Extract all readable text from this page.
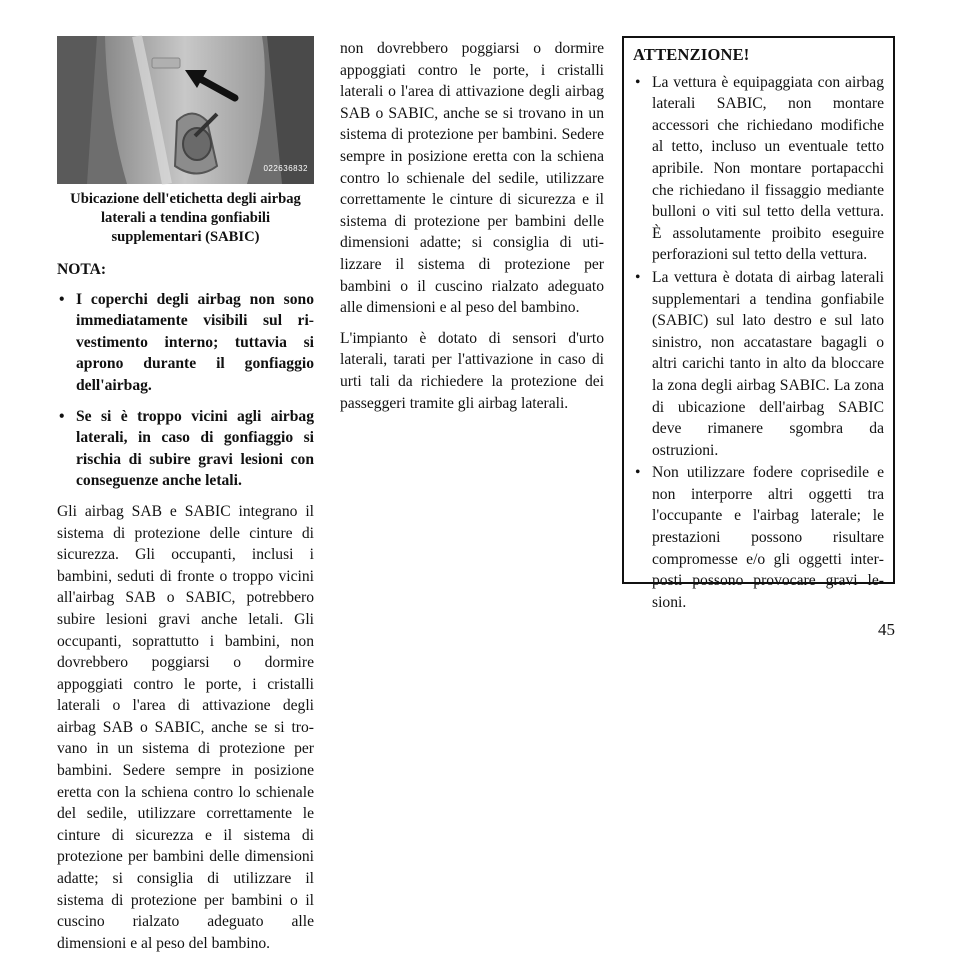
022636832
Ubicazione dell'etichetta degli airbag
laterali a tendina gonfiabili
supplementari (SABIC)
NOTA:
• I coperchi degli airbag non sono immediatamente visibili sul rivestimento interno; tuttavia si aprono durante il gonfiaggio dell'airbag.
• Se si è troppo vicini agli airbag laterali, in caso di gonfiaggio si rischia di subire gravi lesioni con conseguenze anche letali.

Gli airbag SAB e SABIC integrano il sistema di protezione delle cinture di sicurezza. Gli occupanti, inclusi i bambini, seduti di fronte o troppo vicini all'airbag SAB o SABIC, potrebbero subire lesioni gravi anche letali. Gli occupanti, soprattutto i bambini, non dovrebbero poggiarsi o dormire appoggiati contro le porte, i cristalli laterali o l'area di attivazione degli airbag SAB o SABIC, anche se si trovano in un sistema di protezione per bambini. Sedere sempre in posizione eretta con la schiena contro lo schienale del sedile, utilizzare correttamente le cinture di sicurezza e il sistema di protezione per bambini delle dimensioni adatte; si consiglia di utilizzare il sistema di protezione per bambini o il cuscino rialzato adeguato alle dimensioni e al peso del bambino.

non dovrebbero poggiarsi o dormire appoggiati contro le porte, i cristalli laterali o l'area di attivazione degli airbag SAB o SABIC, anche se si trovano in un sistema di protezione per bambini. Sedere sempre in posizione eretta con la schiena contro lo schienale del sedile, utilizzare correttamente le cinture di sicurezza e il sistema di protezione per bambini delle dimensioni adatte; si consiglia di utilizzare il sistema di protezione per bambini o il cuscino rialzato adeguato alle dimensioni e al peso del bambino.

L'impianto è dotato di sensori d'urto laterali, tarati per l'attivazione in caso di urti tali da richiedere la protezione dei passeggeri tramite gli airbag laterali.

ATTENZIONE!
• La vettura è equipaggiata con airbag laterali SABIC, non montare accessori che richiedano modifiche al tetto, incluso un eventuale tetto apribile. Non montare portapacchi che richiedano il fissaggio mediante bulloni o viti sul tetto della vettura. È assolutamente proibito eseguire perforazioni sul tetto della vettura.
• La vettura è dotata di airbag laterali supplementari a tendina gonfiabile (SABIC) sul lato destro e sul lato sinistro, non accatastare bagagli o altri carichi tanto in alto da bloccare la zona degli airbag SABIC. La zona di ubicazione dell'airbag SABIC deve rimanere sgombra da ostruzioni.
• Non utilizzare fodere coprisedile e non interporre altri oggetti tra l'occupante e l'airbag laterale; le prestazioni possono risultare compromesse e/o gli oggetti interposti possono provocare gravi lesioni.
45
